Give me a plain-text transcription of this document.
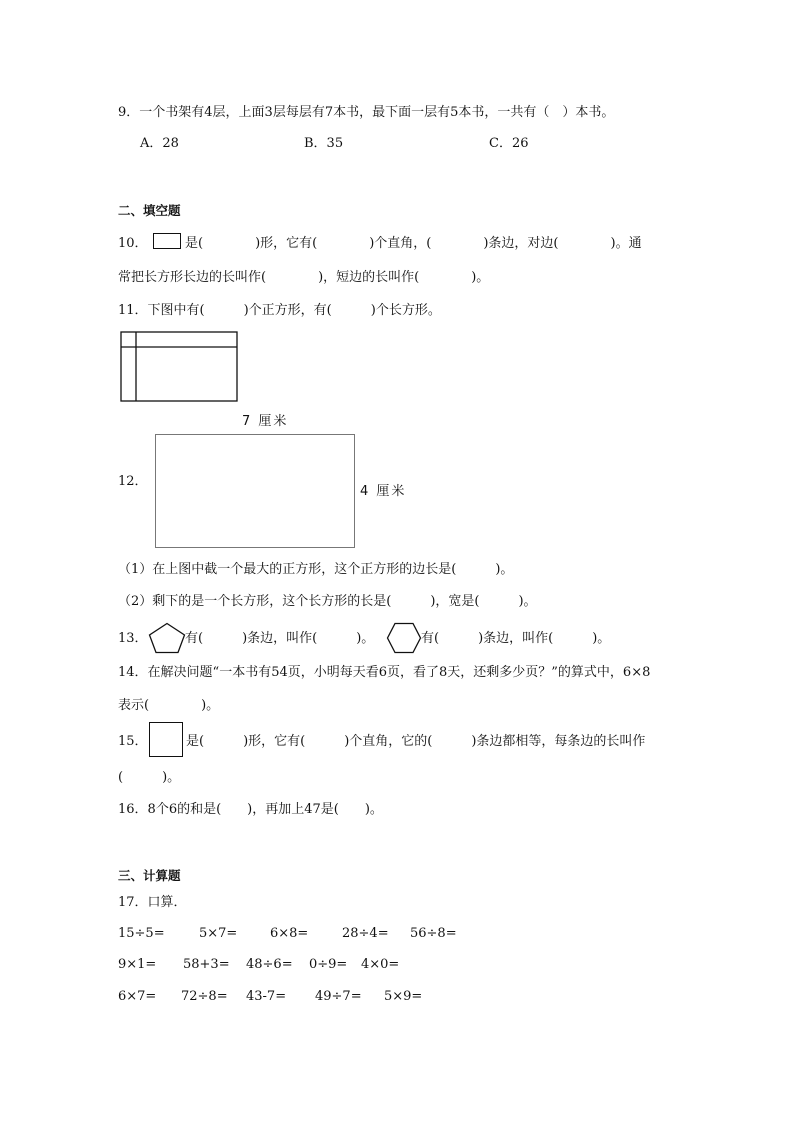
9．一个书架有4层，上面3层每层有7本书，最下面一层有5本书，一共有（　）本书。
A．28	B．35	C．26
二、填空题
10．	是(　　　　)形，它有(　　　　)个直角，(　　　　)条边，对边(　　　　)。通
常把长方形长边的长叫作(　　　　)，短边的长叫作(　　　　)。
11．下图中有(　　　)个正方形，有(　　　)个长方形。
7 厘米
12．
4 厘米
（1）在上图中截一个最大的正方形，这个正方形的边长是(　　　)。
（2）剩下的是一个长方形，这个长方形的长是(　　　)，宽是(　　　)。
13．	有(　　　)条边，叫作(　　　)。	有(　　　)条边，叫作(　　　)。
14．在解决问题“一本书有54页，小明每天看6页，看了8天，还剩多少页？”的算式中，6×8
表示(　　　　)。
15．	是(　　　)形，它有(　　　)个直角，它的(　　　)条边都相等，每条边的长叫作
(　　　)。
16．8个6的和是(　　)，再加上47是(　　)。
三、计算题
17．口算．
15÷5=	5×7=	6×8=	28÷4= 56÷8=
9×1= 58+3= 48÷6= 0÷9= 4×0=
6×7= 72÷8= 43-7= 49÷7= 5×9=
